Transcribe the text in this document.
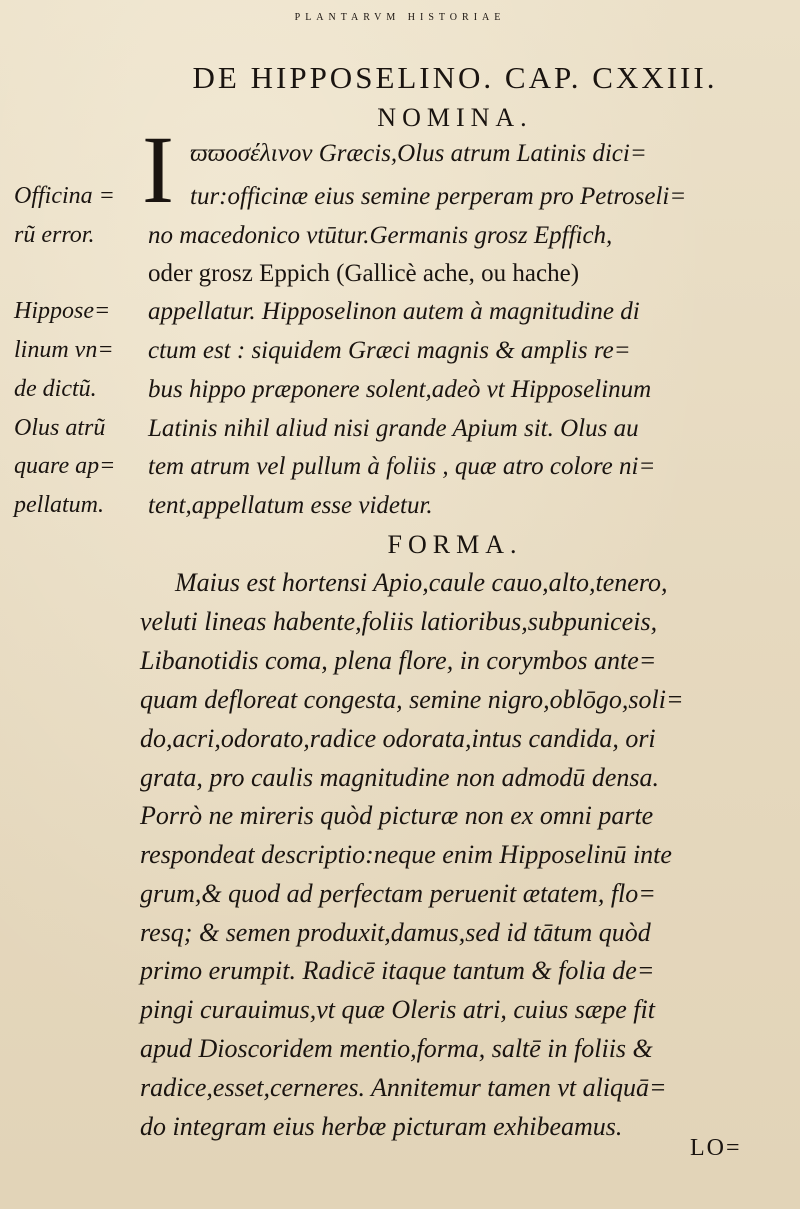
PLANTARVM HISTORIAE
DE HIPPOSELINO. CAP. CXXIII.
NOMINA.
I ϖϖοσέλινον Græcis,Olus atrum Latinis dici=
tur:officinæ eius semine perperam pro Petroseli=
no macedonico vtūtur.Germanis grosz Epffich,
oder grosz Eppich (Gallicè ache, ou hache)
appellatur. Hipposelinon autem à magnitudine di
ctum est : siquidem Græci magnis & amplis re=
bus hippo præponere solent,adeò vt Hipposelinum
Latinis nihil aliud nisi grande Apium sit. Olus au
tem atrum vel pullum à foliis , quæ atro colore ni=
tent,appellatum esse videtur.
Officina =
rũ error.
Hippose=
linum vn=
de dictũ.
Olus atrũ
quare ap=
pellatum.
FORMA.
Maius est hortensi Apio,caule cauo,alto,tenero,
veluti lineas habente,foliis latioribus,subpuniceis,
Libanotidis coma, plena flore, in corymbos ante=
quam defloreat congesta, semine nigro,oblōgo,soli=
do,acri,odorato,radice odorata,intus candida, ori
grata, pro caulis magnitudine non admodū densa.
Porrò ne mireris quòd picturæ non ex omni parte
respondeat descriptio:neque enim Hipposelinū inte
grum,& quod ad perfectam peruenit ætatem, flo=
resq; & semen produxit,damus,sed id tātum quòd
primo erumpit. Radicē itaque tantum & folia de=
pingi curauimus,vt quæ Oleris atri, cuius sæpe fit
apud Dioscoridem mentio,forma, saltē in foliis &
radice,esset,cerneres. Annitemur tamen vt aliquā=
do integram eius herbæ picturam exhibeamus.
LO=
